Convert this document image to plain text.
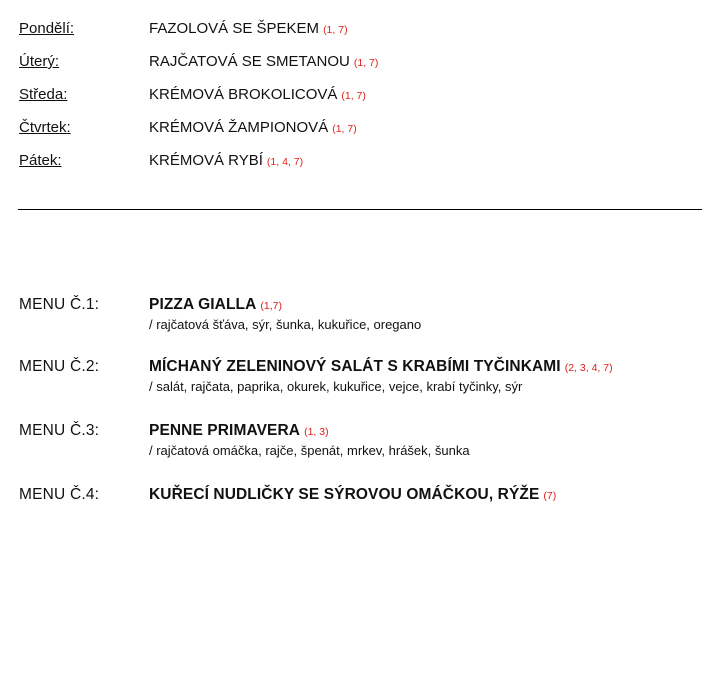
Pondělí:	FAZOLOVÁ SE ŠPEKEM (1, 7)
Úterý:	RAJČATOVÁ SE SMETANOU (1, 7)
Středa:	KRÉMOVÁ BROKOLICOVÁ (1, 7)
Čtvrtek:	KRÉMOVÁ ŽAMPIONOVÁ (1, 7)
Pátek:	KRÉMOVÁ RYBÍ (1, 4, 7)
MENU Č.1:	PIZZA GIALLA (1,7)
/ rajčatová šťáva, sýr, šunka, kukuřice, oregano
MENU Č.2:	MÍCHANÝ ZELENINOVÝ SALÁT S KRABÍMI TYČINKAMI (2, 3, 4, 7)
/ salát, rajčata, paprika, okurek, kukuřice, vejce, krabí tyčinky, sýr
MENU Č.3:	PENNE PRIMAVERA (1, 3)
/ rajčatová omáčka, rajče, špenát, mrkev, hrášek, šunka
MENU Č.4:	KUŘECÍ NUDLIČKY SE SÝROVOU OMÁČKOU, RÝŽE (7)
